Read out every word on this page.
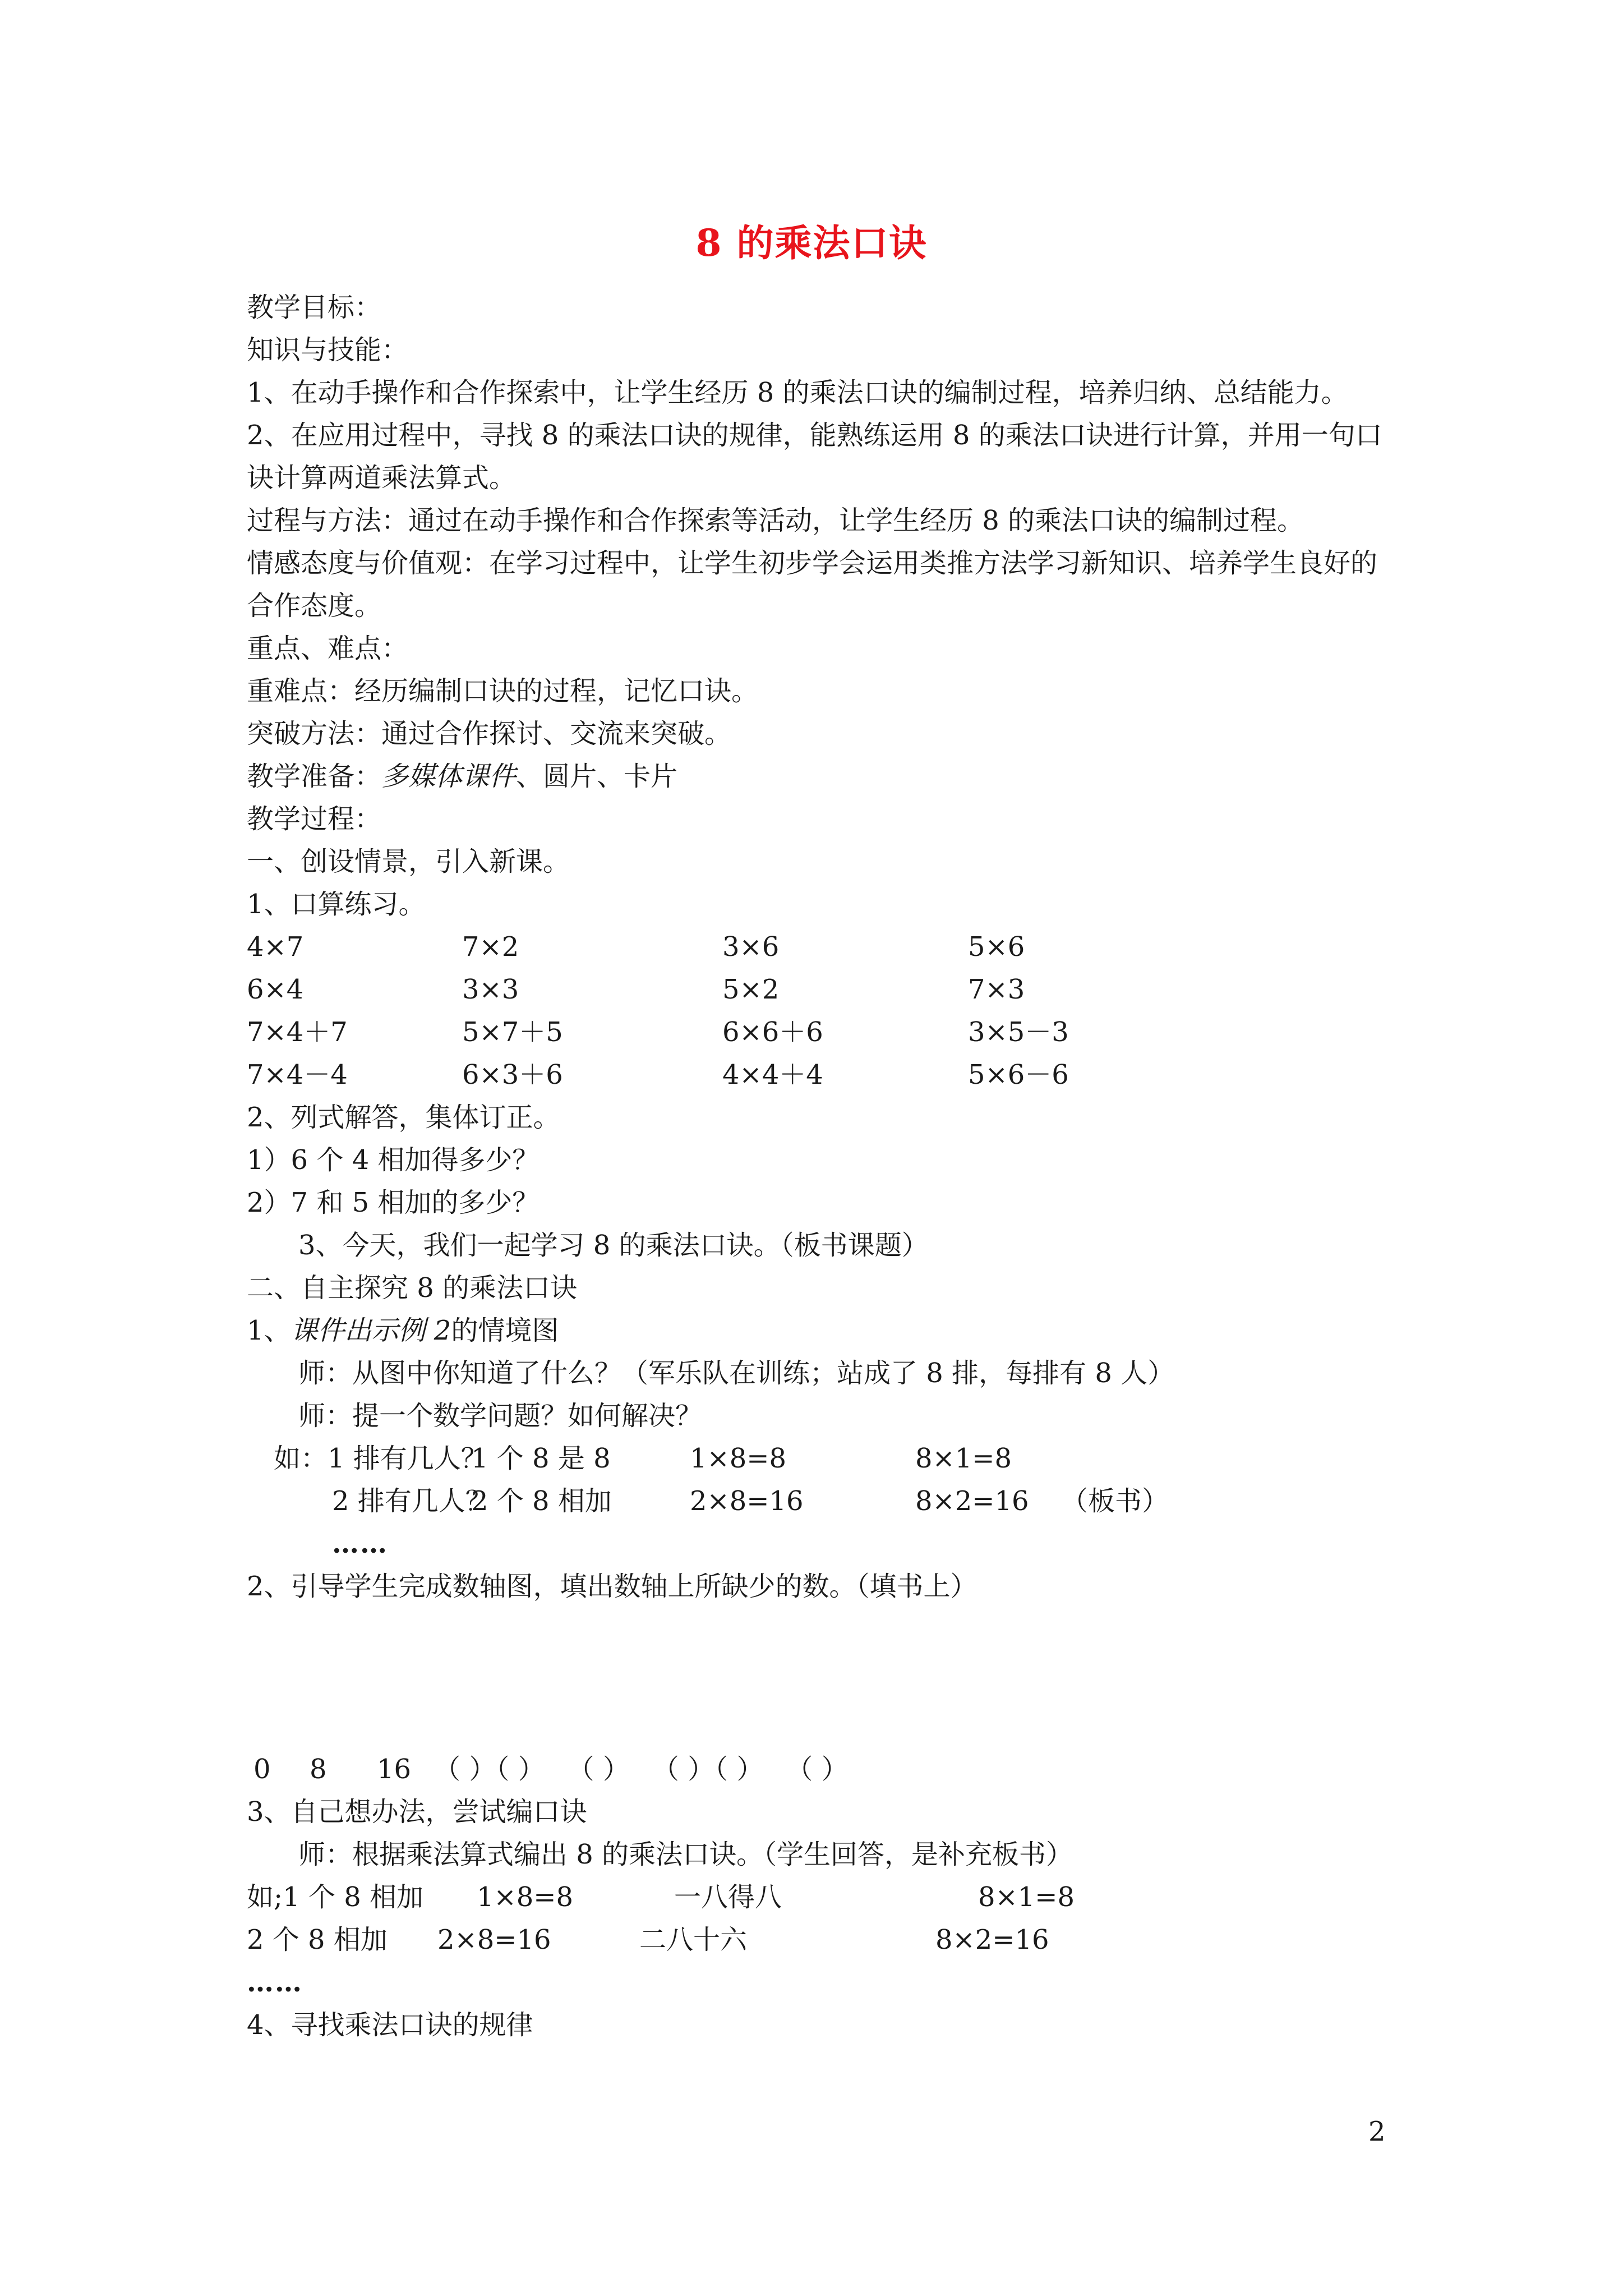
8 的乘法口诀
教学目标：
知识与技能：
1、在动手操作和合作探索中，让学生经历 8 的乘法口诀的编制过程，培养归纳、总结能力。
2、在应用过程中，寻找 8 的乘法口诀的规律，能熟练运用 8 的乘法口诀进行计算，并用一句口诀计算两道乘法算式。
过程与方法：通过在动手操作和合作探索等活动，让学生经历 8 的乘法口诀的编制过程。
情感态度与价值观：在学习过程中，让学生初步学会运用类推方法学习新知识、培养学生良好的合作态度。
重点、难点：
重难点：经历编制口诀的过程，记忆口诀。
突破方法：通过合作探讨、交流来突破。
教学准备：多媒体课件、圆片、卡片
教学过程：
一、创设情景，引入新课。
1、口算练习。
4×7	7×2	3×6	5×6
6×4	3×3	5×2	7×3
7×4＋7	5×7＋5	6×6＋6	3×5－3
7×4－4	6×3＋6	4×4＋4	5×6－6
2、列式解答，集体订正。
1）6 个 4 相加得多少？
2）7 和 5 相加的多少？
3、今天，我们一起学习 8 的乘法口诀。（板书课题）
二、自主探究 8 的乘法口诀
1、课件出示例 2的情境图
师：从图中你知道了什么？（军乐队在训练；站成了 8 排，每排有 8 人）
师：提一个数学问题？如何解决？
如：1 排有几人？
1 个 8 是 8	1×8=8	8×1=8
2 排有几人？
2 个 8 相加	2×8=16	8×2=16	（板书）
……
2、引导学生完成数轴图，填出数轴上所缺少的数。（填书上）
0	8	16 （ ）（ ） （ ） （ ）（ ） （ ）
3、自己想办法，尝试编口诀
师：根据乘法算式编出 8 的乘法口诀。（学生回答，是补充板书）
如;1 个 8 相加	1×8=8	一八得八	8×1=8
2 个 8 相加	2×8=16	二八十六	8×2=16
……
4、寻找乘法口诀的规律
2
